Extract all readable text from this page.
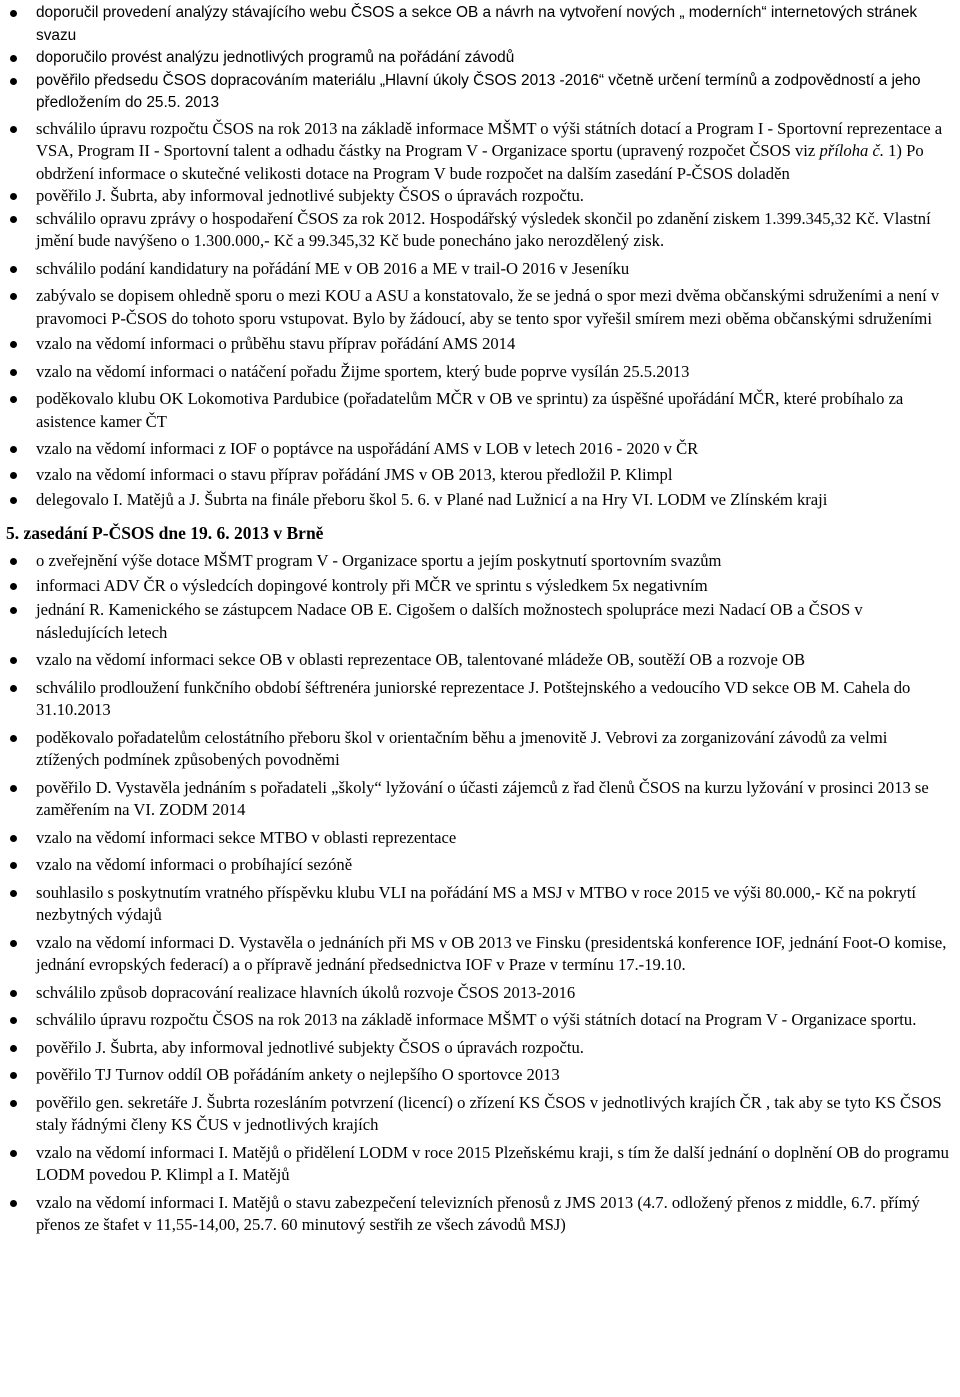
doporučil provedení analýzy stávajícího webu ČSOS a sekce OB a návrh na vytvoření nových „ moderních“ internetových stránek svazu
doporučilo provést analýzu jednotlivých programů na pořádání závodů
pověřilo předsedu ČSOS dopracováním materiálu „Hlavní úkoly ČSOS 2013 -2016“ včetně určení termínů a zodpovědností a jeho předložením do 25.5. 2013
schválilo úpravu rozpočtu ČSOS na rok 2013 na základě informace MŠMT o výši státních dotací a Program I - Sportovní reprezentace a VSA, Program II - Sportovní talent a odhadu částky na Program V - Organizace sportu (upravený rozpočet ČSOS viz příloha č. 1) Po obdržení informace o skutečné velikosti dotace na Program V bude rozpočet na dalším zasedání P-ČSOS doladěn
pověřilo J. Šubrta, aby informoval jednotlivé subjekty ČSOS o úpravách rozpočtu.
schválilo opravu zprávy o hospodaření ČSOS za rok 2012. Hospodářský výsledek skončil po zdanění ziskem 1.399.345,32 Kč. Vlastní jmění bude navýšeno o 1.300.000,- Kč a 99.345,32 Kč bude ponecháno jako nerozdělený zisk.
schválilo podání kandidatury na pořádání ME v OB 2016 a ME v trail-O 2016 v Jeseníku
zabývalo se dopisem ohledně sporu o mezi KOU a ASU a konstatovalo, že se jedná o spor mezi dvěma občanskými sdruženími a není v pravomoci P-ČSOS do tohoto sporu vstupovat. Bylo by žádoucí, aby se tento spor vyřešil smírem mezi oběma občanskými sdruženími
vzalo na vědomí informaci o průběhu stavu příprav pořádání AMS 2014
vzalo na vědomí informaci o natáčení pořadu Žijme sportem, který bude poprve vysílán 25.5.2013
poděkovalo klubu OK Lokomotiva Pardubice (pořadatelům MČR v OB ve sprintu) za úspěšné upořádání MČR, které probíhalo za asistence kamer ČT
vzalo na vědomí informaci z IOF o poptávce na uspořádání AMS v LOB v letech 2016 - 2020 v ČR
vzalo na vědomí informaci o stavu příprav pořádání JMS v OB 2013, kterou předložil P. Klimpl
delegovalo I. Matějů a J. Šubrta na finále přeboru škol 5. 6. v Plané nad Lužnicí a na Hry VI. LODM ve Zlínském kraji
5. zasedání P-ČSOS dne 19. 6. 2013 v Brně
o zveřejnění výše dotace MŠMT program V - Organizace sportu a jejím poskytnutí sportovním svazům
informaci ADV ČR o výsledcích dopingové kontroly při MČR ve sprintu s výsledkem 5x negativním
jednání R. Kamenického se zástupcem Nadace OB E. Cigošem o dalších možnostech spolupráce mezi Nadací OB a ČSOS v následujících letech
vzalo na vědomí informaci sekce OB v oblasti reprezentace OB, talentované mládeže OB, soutěží OB a rozvoje OB
schválilo prodloužení funkčního období šéftrenéra juniorské reprezentace J. Potštejnského a vedoucího VD sekce OB M. Cahela do 31.10.2013
poděkovalo pořadatelům celostátního přeboru škol v orientačním běhu a jmenovitě J. Vebrovi za zorganizování závodů za velmi ztížených podmínek způsobených povodněmi
pověřilo D. Vystavěla jednáním s pořadateli „školy“ lyžování o účasti zájemců z řad členů ČSOS na kurzu lyžování v prosinci 2013 se zaměřením na VI. ZODM 2014
vzalo na vědomí informaci sekce MTBO v oblasti reprezentace
vzalo na vědomí informaci o probíhající sezóně
souhlasilo s poskytnutím vratného příspěvku klubu VLI na pořádání MS a MSJ v MTBO v roce 2015 ve výši 80.000,- Kč na pokrytí nezbytných výdajů
vzalo na vědomí informaci D. Vystavěla o jednáních při MS v OB 2013 ve Finsku (presidentská konference IOF, jednání Foot-O komise, jednání evropských federací) a o přípravě jednání předsednictva IOF v Praze v termínu 17.-19.10.
schválilo způsob dopracování realizace hlavních úkolů rozvoje ČSOS 2013-2016
schválilo úpravu rozpočtu ČSOS na rok 2013 na základě informace MŠMT o výši státních dotací na Program V - Organizace sportu.
pověřilo J. Šubrta, aby informoval jednotlivé subjekty ČSOS o úpravách rozpočtu.
pověřilo TJ Turnov oddíl OB pořádáním ankety o nejlepšího O sportovce 2013
pověřilo gen. sekretáře J. Šubrta rozesláním potvrzení (licencí) o zřízení KS ČSOS v jednotlivých krajích ČR , tak aby se tyto KS ČSOS staly řádnými členy KS ČUS v jednotlivých krajích
vzalo na vědomí informaci I. Matějů o přidělení LODM v roce 2015 Plzeňskému kraji, s tím že další jednání o doplnění OB do programu LODM povedou P. Klimpl a I. Matějů
vzalo na vědomí informaci I. Matějů o stavu zabezpečení televizních přenosů z JMS 2013 (4.7. odložený přenos z middle, 6.7. přímý přenos ze štafet v 11,55-14,00, 25.7. 60 minutový sestřih ze všech závodů MSJ)
